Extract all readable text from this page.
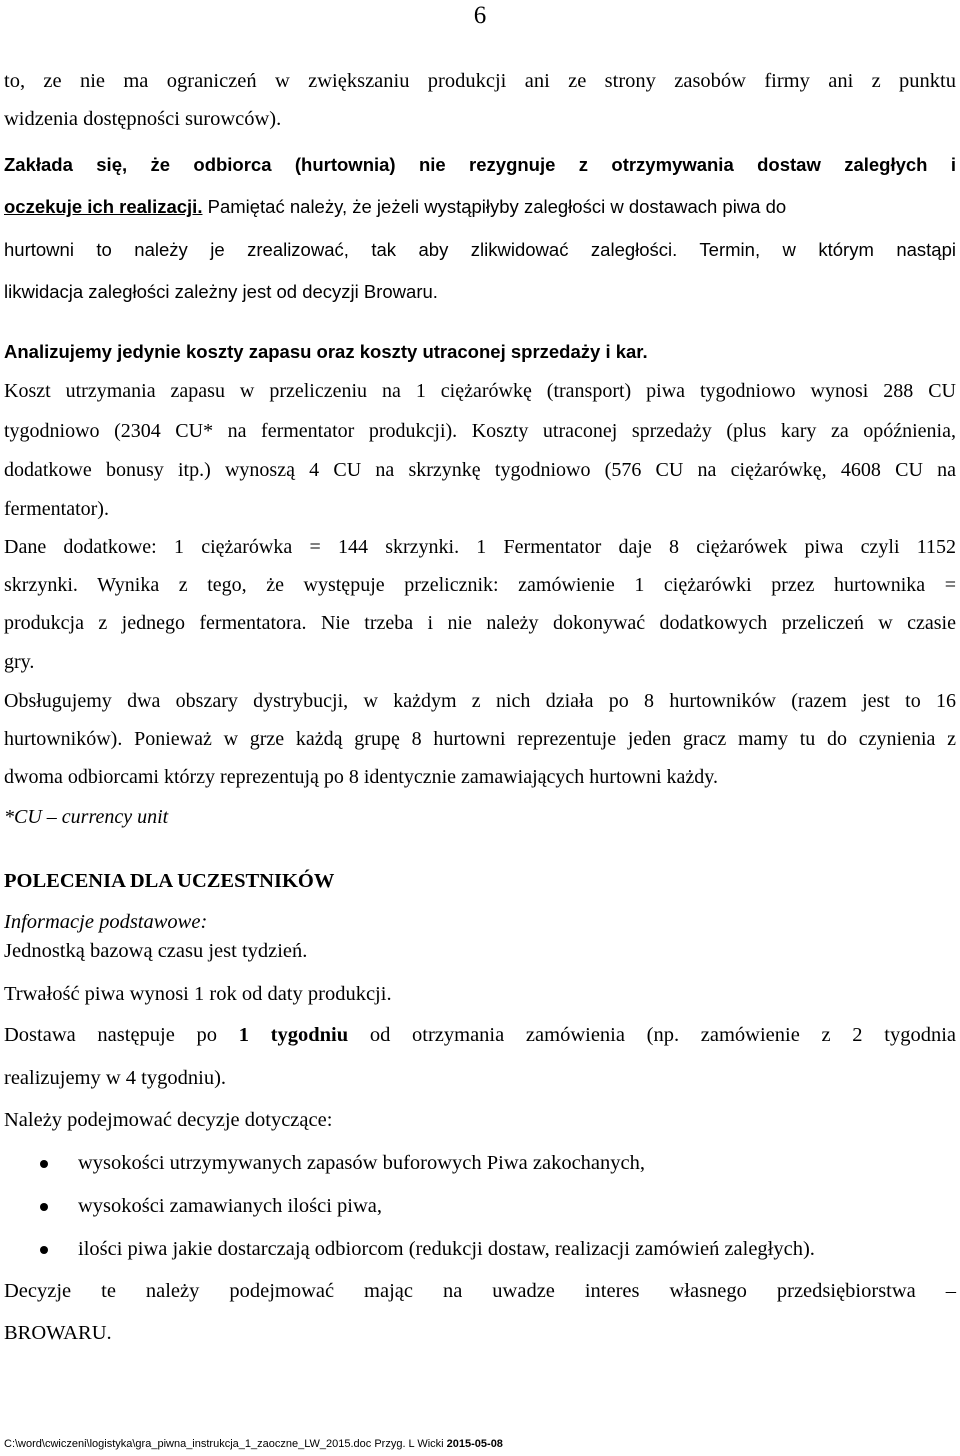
6
to, ze nie ma ograniczeń w zwiększaniu produkcji ani ze strony zasobów firmy ani z punktu
widzenia dostępności surowców).
Zakłada się, że odbiorca (hurtownia) nie rezygnuje z otrzymywania dostaw zaległych i
oczekuje ich realizacji. Pamiętać należy, że jeżeli wystąpiłyby zaległości w dostawach piwa do
hurtowni to należy je zrealizować, tak aby zlikwidować zaległości. Termin, w którym nastąpi
likwidacja zaległości zależny jest od decyzji Browaru.
Analizujemy jedynie koszty zapasu oraz koszty utraconej sprzedaży i kar.
Koszt utrzymania zapasu w przeliczeniu na 1 ciężarówkę (transport) piwa tygodniowo wynosi 288 CU
tygodniowo (2304 CU* na fermentator produkcji). Koszty utraconej sprzedaży (plus kary za opóźnienia,
dodatkowe bonusy itp.) wynoszą 4 CU na skrzynkę tygodniowo (576 CU na ciężarówkę, 4608 CU na
fermentator).
Dane dodatkowe: 1 ciężarówka = 144 skrzynki. 1 Fermentator daje 8 ciężarówek piwa czyli 1152
skrzynki. Wynika z tego, że występuje przelicznik: zamówienie 1 ciężarówki przez hurtownika =
produkcja z jednego fermentatora. Nie trzeba i nie należy dokonywać dodatkowych przeliczeń w czasie
gry.
Obsługujemy dwa obszary dystrybucji, w każdym z nich działa po 8 hurtowników (razem jest to 16
hurtowników). Ponieważ w grze każdą grupę 8 hurtowni reprezentuje jeden gracz mamy tu do czynienia z
dwoma odbiorcami którzy reprezentują po 8 identycznie zamawiających hurtowni każdy.
*CU – currency unit
POLECENIA DLA UCZESTNIKÓW
Informacje podstawowe:
Jednostką bazową czasu jest tydzień.
Trwałość piwa wynosi 1 rok od daty produkcji.
Dostawa następuje po 1 tygodniu od otrzymania zamówienia (np. zamówienie z 2 tygodnia
realizujemy w 4 tygodniu).
Należy podejmować decyzje dotyczące:
wysokości utrzymywanych zapasów buforowych Piwa zakochanych,
wysokości zamawianych ilości piwa,
ilości piwa jakie dostarczają odbiorcom (redukcji dostaw, realizacji zamówień zaległych).
Decyzje te należy podejmować mając na uwadze interes własnego przedsiębiorstwa –
BROWARU.
C:\word\cwiczeni\logistyka\gra_piwna_instrukcja_1_zaoczne_LW_2015.doc Przyg. L Wicki 2015-05-08
